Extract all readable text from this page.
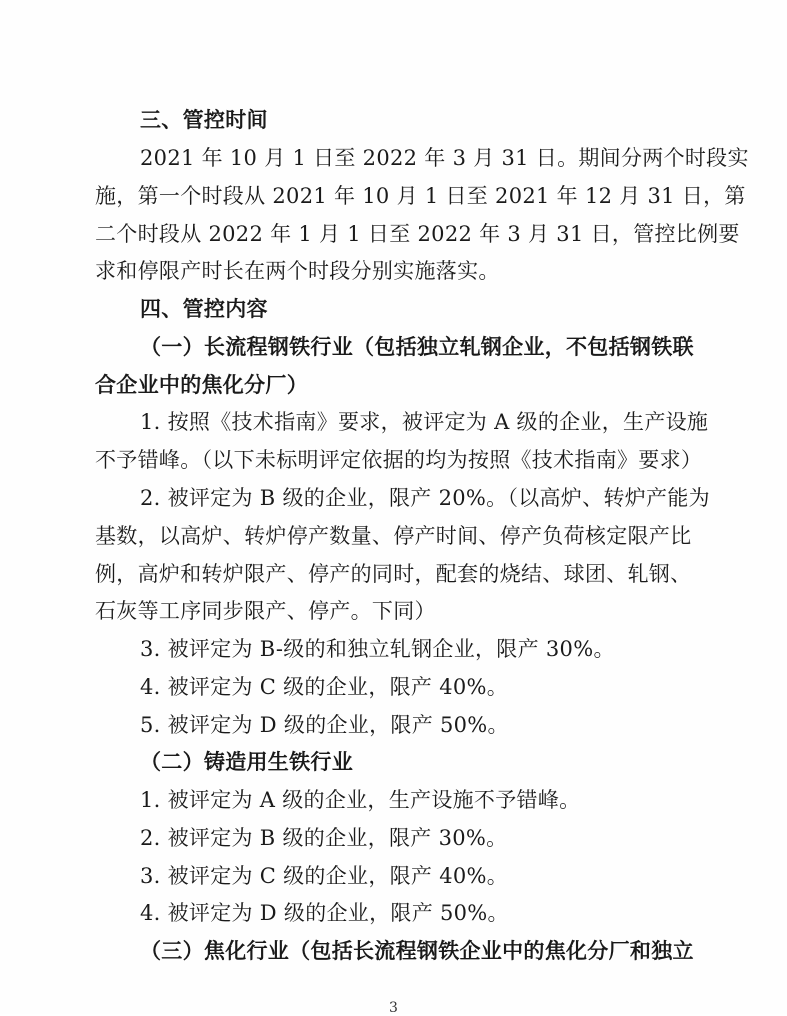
三、管控时间
2021 年 10 月 1 日至 2022 年 3 月 31 日。期间分两个时段实
施，第一个时段从 2021 年 10 月 1 日至 2021 年 12 月 31 日，第
二个时段从 2022 年 1 月 1 日至 2022 年 3 月 31 日，管控比例要
求和停限产时长在两个时段分别实施落实。
四、管控内容
（一）长流程钢铁行业（包括独立轧钢企业，不包括钢铁联
合企业中的焦化分厂）
1. 按照《技术指南》要求，被评定为 A 级的企业，生产设施
不予错峰。（以下未标明评定依据的均为按照《技术指南》要求）
2. 被评定为 B 级的企业，限产 20%。（以高炉、转炉产能为
基数，以高炉、转炉停产数量、停产时间、停产负荷核定限产比
例，高炉和转炉限产、停产的同时，配套的烧结、球团、轧钢、
石灰等工序同步限产、停产。下同）
3. 被评定为 B-级的和独立轧钢企业，限产 30%。
4. 被评定为 C 级的企业，限产 40%。
5. 被评定为 D 级的企业，限产 50%。
（二）铸造用生铁行业
1. 被评定为 A 级的企业，生产设施不予错峰。
2. 被评定为 B 级的企业，限产 30%。
3. 被评定为 C 级的企业，限产 40%。
4. 被评定为 D 级的企业，限产 50%。
（三）焦化行业（包括长流程钢铁企业中的焦化分厂和独立
3
